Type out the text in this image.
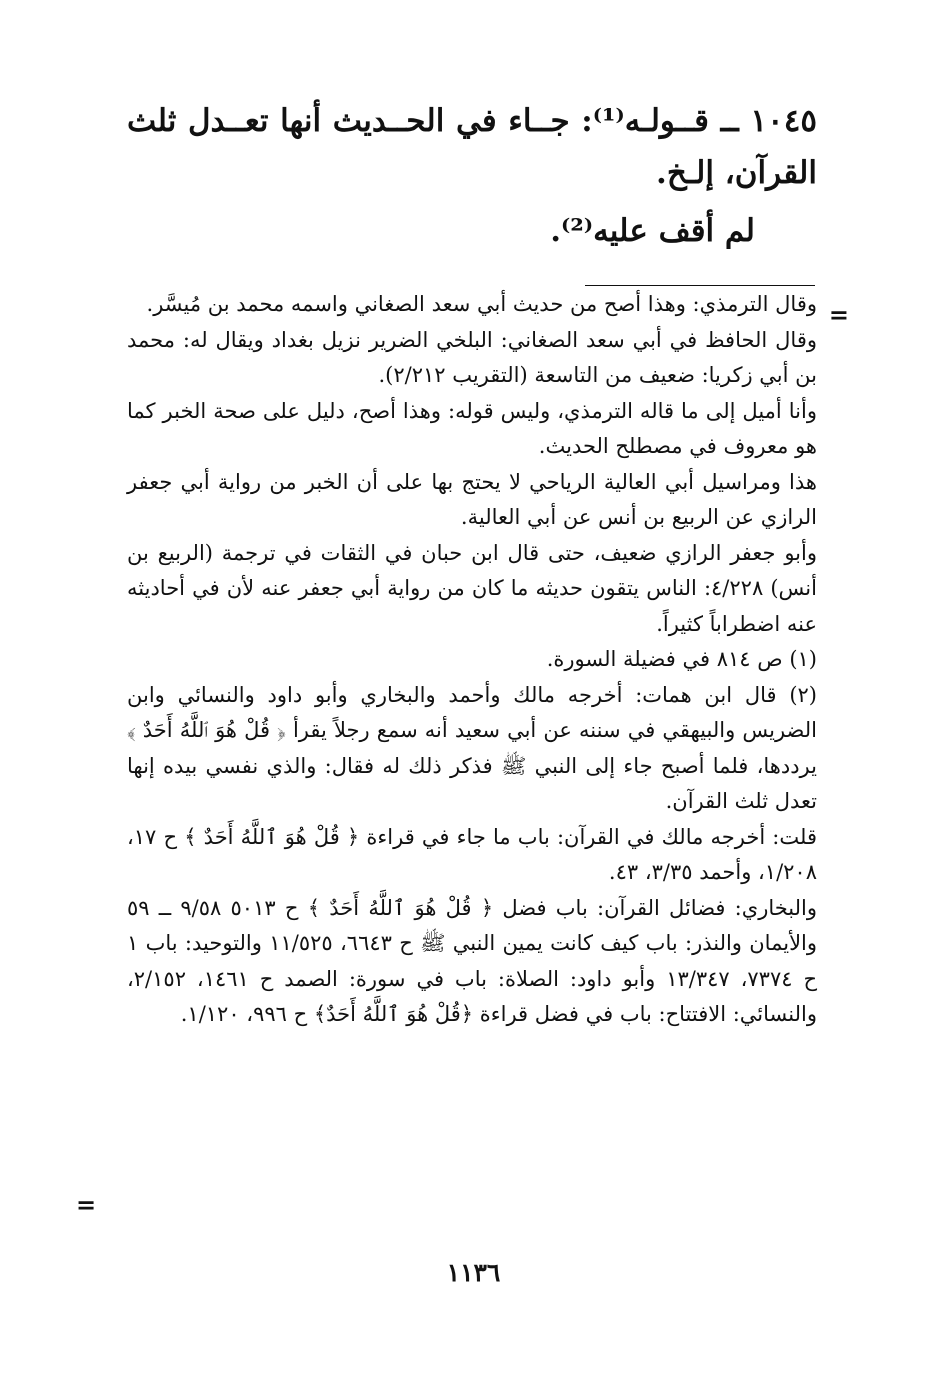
١٠٤٥ ــ قــولـه⁽¹⁾: جــاء في الحــديث أنها تعــدل ثلث القرآن، إلـخ.

لم أقف عليه⁽²⁾.

=

وقال الترمذي: وهذا أصح من حديث أبي سعد الصغاني واسمه محمد بن مُيسَّر.

وقال الحافظ في أبي سعد الصغاني: البلخي الضرير نزيل بغداد ويقال له: محمد بن أبي زكريا: ضعيف من التاسعة (التقريب ٢/٢١٢).

وأنا أميل إلى ما قاله الترمذي، وليس قوله: وهذا أصح، دليل على صحة الخبر كما هو معروف في مصطلح الحديث.

هذا ومراسيل أبي العالية الرياحي لا يحتج بها على أن الخبر من رواية أبي جعفر الرازي عن الربيع بن أنس عن أبي العالية.

وأبو جعفر الرازي ضعيف، حتى قال ابن حبان في الثقات في ترجمة (الربيع بن أنس) ٤/٢٢٨: الناس يتقون حديثه ما كان من رواية أبي جعفر عنه لأن في أحاديثه عنه اضطراباً كثيراً.

(١) ص ٨١٤ في فضيلة السورة.

(٢) قال ابن همات: أخرجه مالك وأحمد والبخاري وأبو داود والنسائي وابن الضريس والبيهقي في سننه عن أبي سعيد أنه سمع رجلاً يقرأ ﴿ قُلْ هُوَ ٱللَّهُ أَحَدٌ ﴾ يرددها، فلما أصبح جاء إلى النبي ﷺ فذكر ذلك له فقال: والذي نفسي بيده إنها تعدل ثلث القرآن.

قلت: أخرجه مالك في القرآن: باب ما جاء في قراءة ﴿ قُلْ هُوَ ٱللَّهُ أَحَدٌ ﴾ ح ١٧، ١/٢٠٨، وأحمد ٣/٣٥، ٤٣.

والبخاري: فضائل القرآن: باب فضل ﴿ قُلْ هُوَ ٱللَّهُ أَحَدٌ ﴾ ح ٥٠١٣ ٩/٥٨ ــ ٥٩ والأيمان والنذر: باب كيف كانت يمين النبي ﷺ ح ٦٦٤٣، ١١/٥٢٥ والتوحيد: باب ١ ح ٧٣٧٤، ١٣/٣٤٧ وأبو داود: الصلاة: باب في سورة: الصمد ح ١٤٦١، ٢/١٥٢، والنسائي: الافتتاح: باب في فضل قراءة ﴿قُلْ هُوَ ٱللَّهُ أَحَدٌ﴾ ح ٩٩٦، ١/١٢٠.

=
١١٣٦
